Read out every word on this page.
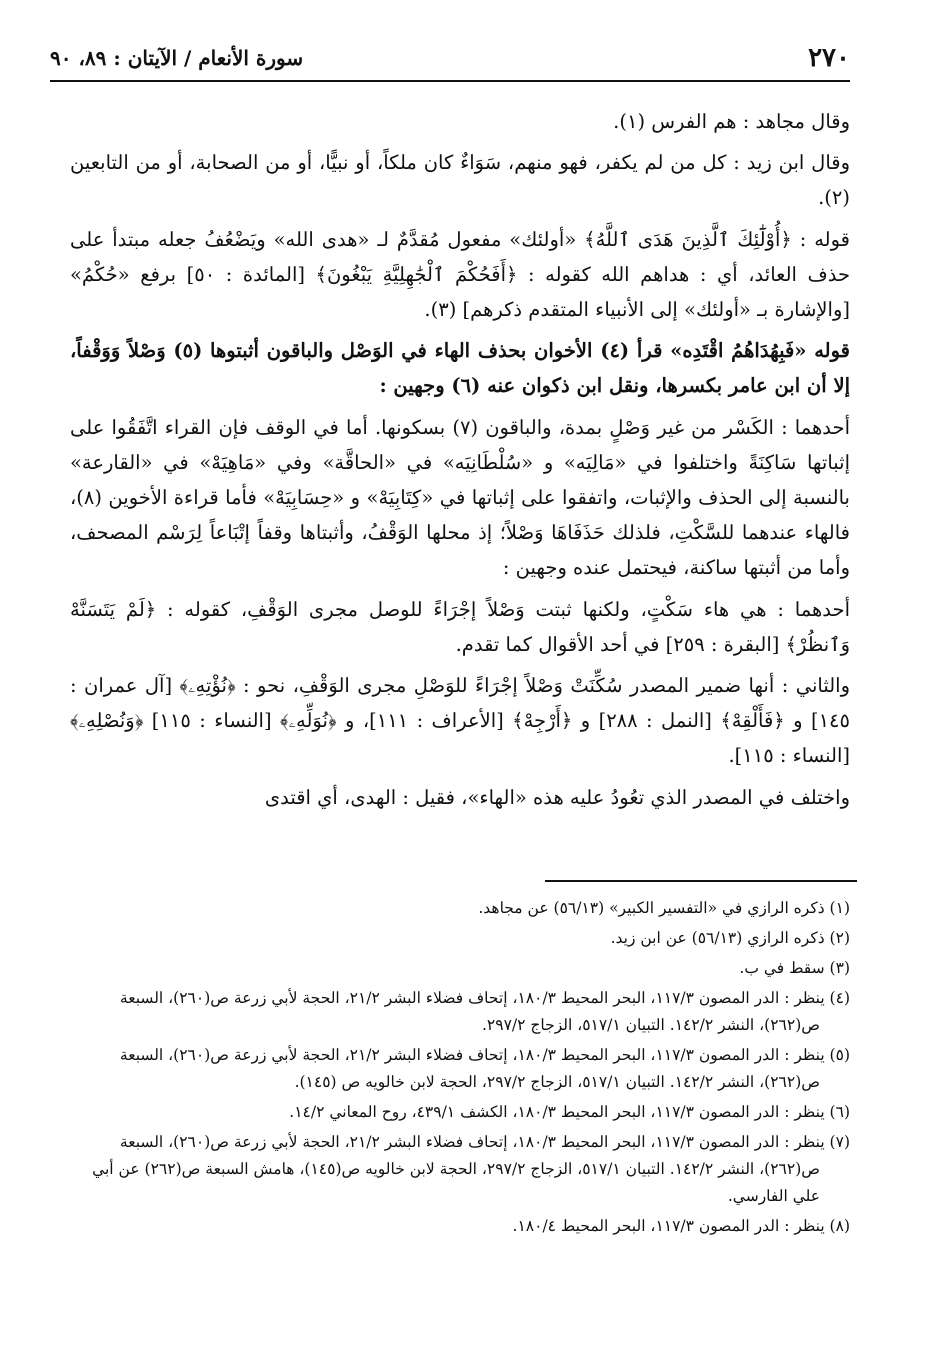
٢٧٠
سورة الأنعام / الآيتان : ٨٩، ٩٠

وقال مجاهد : هم الفرس (١).

وقال ابن زيد : كل من لم يكفر، فهو منهم، سَوَاءٌ كان ملكاً، أو نبيًّا، أو من الصحابة، أو من التابعين (٢).

قوله : ﴿أُوْلَٰٓئِكَ ٱلَّذِينَ هَدَى ٱللَّهُ﴾ «أولئك» مفعول مُقدَّمٌ لـ «هدى الله» ويَضْعُفُ جعله مبتدأ على حذف العائد، أي : هداهم الله كقوله : ﴿أَفَحُكْمَ ٱلْجَٰهِلِيَّةِ يَبْغُونَ﴾ [المائدة : ٥٠] برفع «حُكْمُ» [والإشارة بـ «أولئك» إلى الأنبياء المتقدم ذكرهم] (٣).

قوله «فَبِهُدَاهُمُ اقْتَدِه» قرأ (٤) الأخوان بحذف الهاء في الوَصْل والباقون أثبتوها (٥) وَصْلاً وَوَقْفاً، إلا أن ابن عامر بكسرها، ونقل ابن ذكوان عنه (٦) وجهين :

أحدهما : الكَسْر من غير وَصْلٍ بمدة، والباقون (٧) بسكونها. أما في الوقف فإن القراء اتَّفَقُوا على إثباتها سَاكِنَةً واختلفوا في «مَالِيَه» و «سُلْطَانِيَه» في «الحاقَّة» وفي «مَاهِيَهْ» في «القارعة» بالنسبة إلى الحذف والإثبات، واتفقوا على إثباتها في «كِتَابِيَهْ» و «حِسَابِيَهْ» فأما قراءة الأخوين (٨)، فالهاء عندهما للسَّكْتِ، فلذلك حَذَفَاهَا وَصْلاً؛ إذ محلها الوَقْفُ، وأثبتاها وقفاً إتْبَاعاً لِرَسْم المصحف، وأما من أثبتها ساكنة، فيحتمل عنده وجهين :

أحدهما : هي هاء سَكْتٍ، ولكنها ثبتت وَصْلاً إجْرَاءً للوصل مجرى الوَقْفِ، كقوله : ﴿لَمْ يَتَسَنَّهْ وَٱنظُرْ﴾ [البقرة : ٢٥٩] في أحد الأقوال كما تقدم.

والثاني : أنها ضمير المصدر سُكِّنَتْ وَصْلاً إجْرَاءً للوَصْلِ مجرى الوَقْفِ، نحو : ﴿نُؤْتِهِۦ﴾ [آل عمران : ١٤٥] و ﴿فَأَلْقِهْ﴾ [النمل : ٢٨٨] و ﴿أَرْجِهْ﴾ [الأعراف : ١١١]، و ﴿نُوَلِّهِۦ﴾ [النساء : ١١٥] ﴿وَنُصْلِهِۦ﴾ [النساء : ١١٥].

واختلف في المصدر الذي تعُودُ عليه هذه «الهاء»، فقيل : الهدى، أي اقتدى

(١) ذكره الرازي في «التفسير الكبير» (٥٦/١٣) عن مجاهد.
(٢) ذكره الرازي (٥٦/١٣) عن ابن زيد.
(٣) سقط في ب.
(٤) ينظر : الدر المصون ١١٧/٣، البحر المحيط ١٨٠/٣، إتحاف فضلاء البشر ٢١/٢، الحجة لأبي زرعة ص(٢٦٠)، السبعة ص(٢٦٢)، النشر ١٤٢/٢. التبيان ٥١٧/١، الزجاج ٢٩٧/٢.
(٥) ينظر : الدر المصون ١١٧/٣، البحر المحيط ١٨٠/٣، إتحاف فضلاء البشر ٢١/٢، الحجة لأبي زرعة ص(٢٦٠)، السبعة ص(٢٦٢)، النشر ١٤٢/٢. التبيان ٥١٧/١، الزجاج ٢٩٧/٢، الحجة لابن خالويه ص (١٤٥).
(٦) ينظر : الدر المصون ١١٧/٣، البحر المحيط ١٨٠/٣، الكشف ٤٣٩/١، روح المعاني ١٤/٢.
(٧) ينظر : الدر المصون ١١٧/٣، البحر المحيط ١٨٠/٣، إتحاف فضلاء البشر ٢١/٢، الحجة لأبي زرعة ص(٢٦٠)، السبعة ص(٢٦٢)، النشر ١٤٢/٢. التبيان ٥١٧/١، الزجاج ٢٩٧/٢، الحجة لابن خالويه ص(١٤٥)، هامش السبعة ص(٢٦٢) عن أبي علي الفارسي.
(٨) ينظر : الدر المصون ١١٧/٣، البحر المحيط ١٨٠/٤.
